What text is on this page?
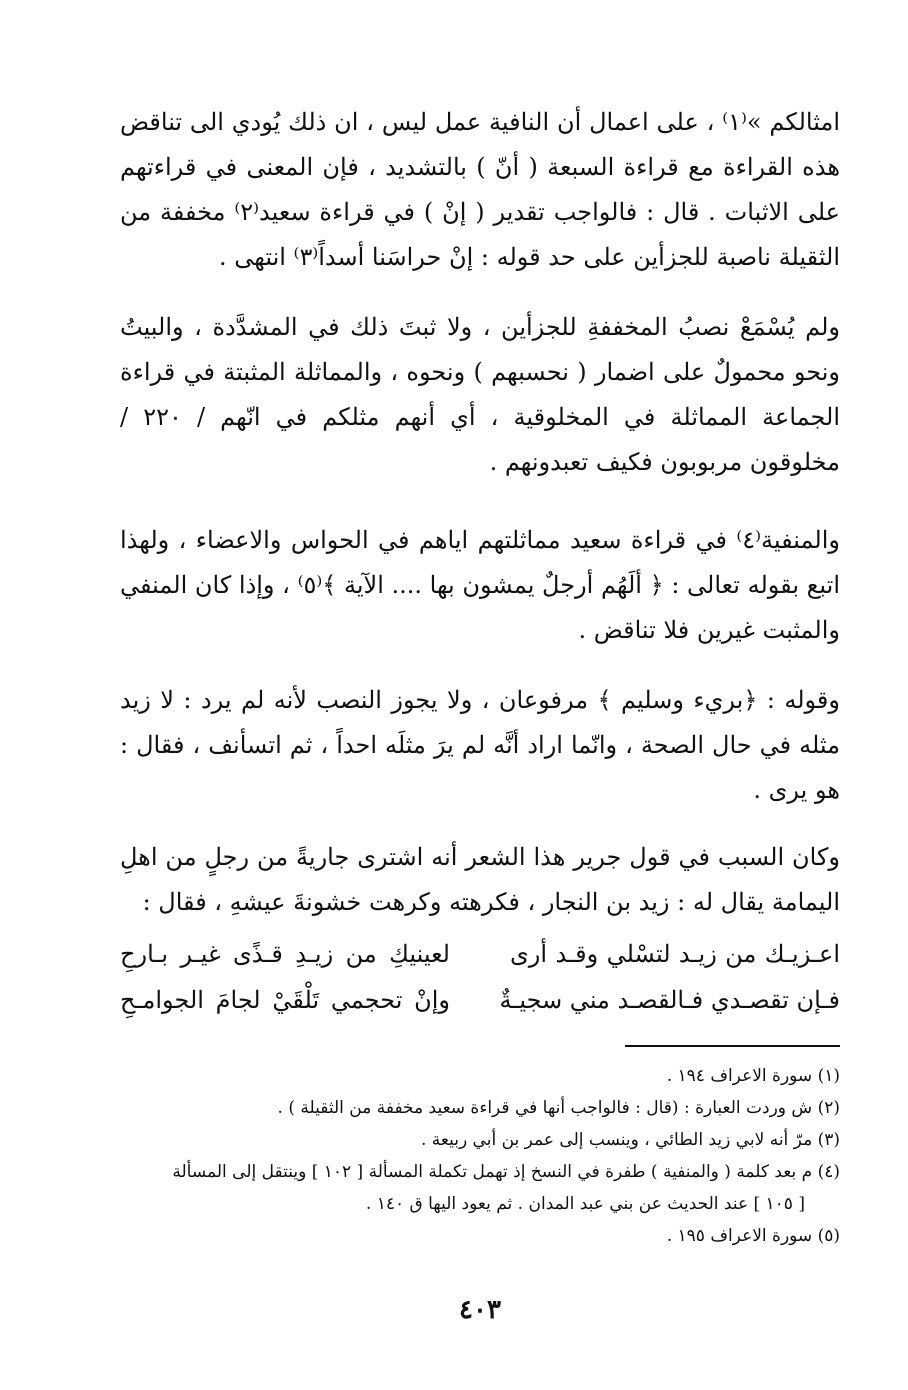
امثالكم »⁽١⁾ ، على اعمال أن النافية عمل ليس ، ان ذلك يُودي الى تناقض هذه القراءة مع قراءة السبعة ( أنّ ) بالتشديد ، فإن المعنى في قراءتهم على الاثبات . قال : فالواجب تقدير ( إنْ ) في قراءة سعيد⁽٢⁾ مخففة من الثقيلة ناصبة للجزأين على حد قوله : إنْ حراسَنا أسداً⁽٣⁾ انتهى .

ولم يُسْمَعْ نصبُ المخففةِ للجزأين ، ولا ثبتَ ذلك في المشدَّدة ، والبيتُ ونحو محمولٌ على اضمار ( نحسبهم ) ونحوه ، والمماثلة المثبتة في قراءة الجماعة المماثلة في المخلوقية ، أي أنهم مثلكم في انّهم / ٢٢٠ / مخلوقون مربوبون فكيف تعبدونهم .

والمنفية⁽٤⁾ في قراءة سعيد مماثلتهم اياهم في الحواس والاعضاء ، ولهذا اتبع بقوله تعالى : ﴿ ألَهُم أرجلٌ يمشون بها .... الآية ﴾⁽٥⁾ ، وإذا كان المنفي والمثبت غيرين فلا تناقض .

وقوله : ﴿بريء وسليم ﴾ مرفوعان ، ولا يجوز النصب لأنه لم يرد : لا زيد مثله في حال الصحة ، وانّما اراد أنَّه لم يرَ مثلَه احداً ، ثم اتسأنف ، فقال : هو يرى .

وكان السبب في قول جرير هذا الشعر أنه اشترى جاريةً من رجلٍ من اهلِ اليمامة يقال له : زيد بن النجار ، فكرهته وكرهت خشونةَ عيشهِ ، فقال :

اعـزيـك من زيـد لتسْلي وقـد أرى
لعينيكِ من زيـدِ قـذًى غيـر بـارحِ
فـإن تقصـدي فـالقصـد مني سجيـةٌ
وإنْ تحجمي تَلْقَيْ لجامَ الجوامـحِ

(١) سورة الاعراف ١٩٤ .

(٢) ش وردت العبارة : (قال : فالواجب أنها في قراءة سعيد مخففة من الثقيلة ) .

(٣) مرّ أنه لابي زيد الطائي ، وينسب إلى عمر بن أبي ربيعة .

(٤) م بعد كلمة ( والمنفية ) طفرة في النسخ إذ تهمل تكملة المسألة [ ١٠٢ ] وينتقل إلى المسألة

[ ١٠٥ ] عند الحديث عن بني عبد المدان . ثم يعود اليها ق ١٤٠ .

(٥) سورة الاعراف ١٩٥ .

٤٠٣
